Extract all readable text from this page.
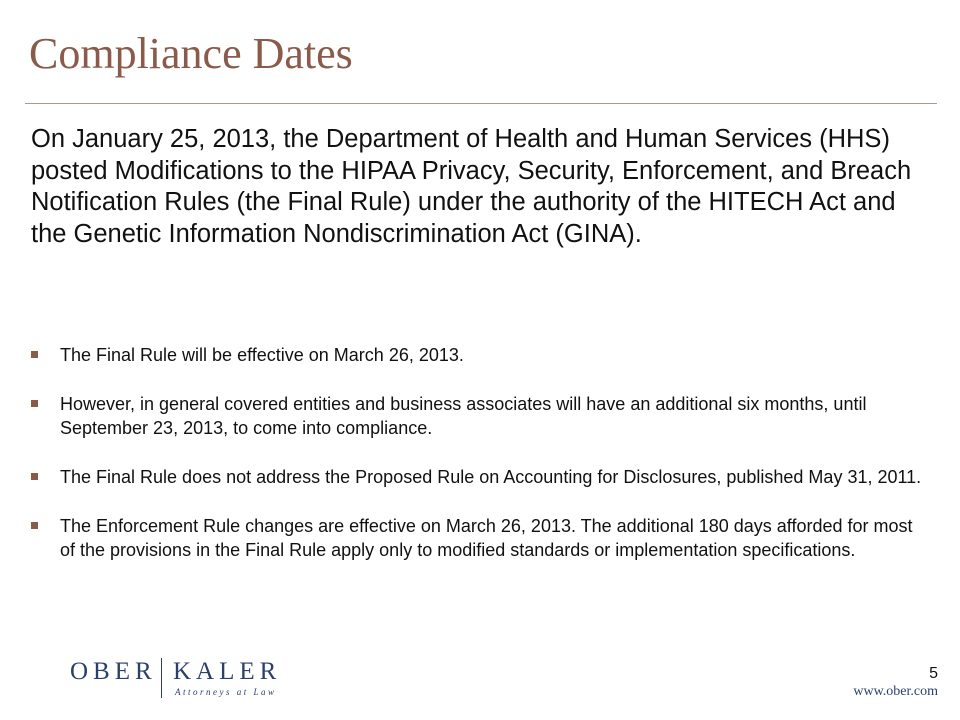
Compliance Dates

On January 25, 2013, the Department of Health and Human Services (HHS) posted Modifications to the HIPAA Privacy, Security, Enforcement, and Breach Notification Rules (the Final Rule) under the authority of the HITECH Act and the Genetic Information Nondiscrimination Act (GINA).

The Final Rule will be effective on March 26, 2013.
However, in general covered entities and business associates will have an additional six months, until September 23, 2013, to come into compliance.
The Final Rule does not address the Proposed Rule on Accounting for Disclosures, published May 31, 2011.
The Enforcement Rule changes are effective on March 26, 2013. The additional 180 days afforded for most of the provisions in the Final Rule apply only to modified standards or implementation specifications.
OBER KALER
Attorneys at Law
5
www.ober.com
